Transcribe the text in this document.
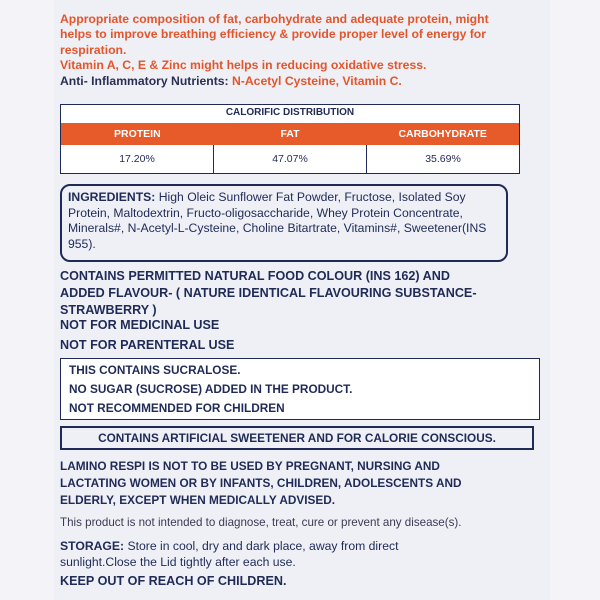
Appropriate composition of fat, carbohydrate and adequate protein, might

helps to improve breathing efficiency & provide proper level of energy for

respiration.

Vitamin A, C, E & Zinc might helps in reducing oxidative stress.

Anti- Inflammatory Nutrients: N-Acetyl Cysteine, Vitamin C.

CALORIFIC DISTRIBUTION
PROTEIN	FAT	CARBOHYDRATE
17.20%	47.07%	35.69%
INGREDIENTS: High Oleic Sunflower Fat Powder, Fructose, Isolated Soy Protein, Maltodextrin, Fructo-oligosaccharide, Whey Protein Concentrate, Minerals#, N-Acetyl-L-Cysteine, Choline Bitartrate, Vitamins#, Sweetener(INS 955).
CONTAINS PERMITTED NATURAL FOOD COLOUR (INS 162) AND
ADDED FLAVOUR- ( NATURE IDENTICAL FLAVOURING SUBSTANCE-
STRAWBERRY )
NOT FOR MEDICINAL USE
NOT FOR PARENTERAL USE
THIS CONTAINS SUCRALOSE.
NO SUGAR (SUCROSE) ADDED IN THE PRODUCT.
NOT RECOMMENDED FOR CHILDREN
CONTAINS ARTIFICIAL SWEETENER AND FOR CALORIE CONSCIOUS.
LAMINO RESPI IS NOT TO BE USED BY PREGNANT, NURSING AND
LACTATING WOMEN OR BY INFANTS, CHILDREN, ADOLESCENTS AND
ELDERLY, EXCEPT WHEN MEDICALLY ADVISED.
This product is not intended to diagnose, treat, cure or prevent any disease(s).
STORAGE: Store in cool, dry and dark place, away from direct
sunlight.Close the Lid tightly after each use.
KEEP OUT OF REACH OF CHILDREN.
